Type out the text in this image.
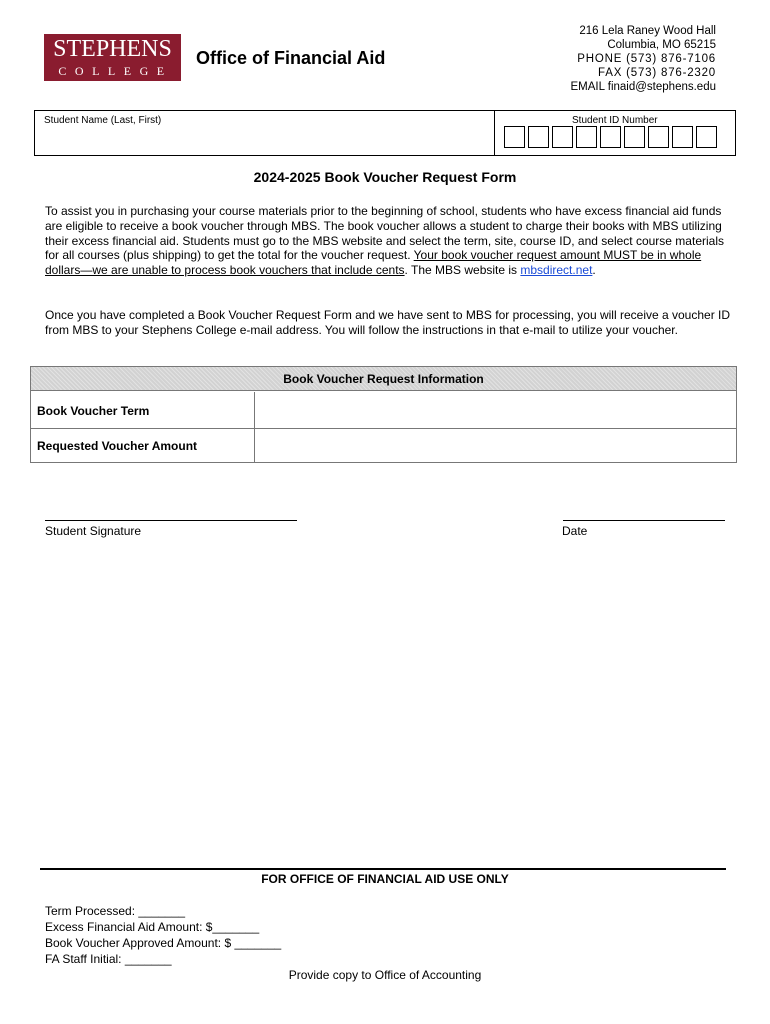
STEPHENS
COLLEGE
Office of Financial Aid
216 Lela Raney Wood Hall
Columbia, MO 65215
PHONE (573) 876-7106
FAX (573) 876-2320
EMAIL finaid@stephens.edu
Student Name (Last, First)	Student ID Number
2024-2025 Book Voucher Request Form
To assist you in purchasing your course materials prior to the beginning of school, students who have excess financial aid funds are eligible to receive a book voucher through MBS. The book voucher allows a student to charge their books with MBS utilizing their excess financial aid. Students must go to the MBS website and select the term, site, course ID, and select course materials for all courses (plus shipping) to get the total for the voucher request. Your book voucher request amount MUST be in whole dollars—we are unable to process book vouchers that include cents. The MBS website is mbsdirect.net.
Once you have completed a Book Voucher Request Form and we have sent to MBS for processing, you will receive a voucher ID from MBS to your Stephens College e-mail address. You will follow the instructions in that e-mail to utilize your voucher.
Book Voucher Request Information
Book Voucher Term
Requested Voucher Amount
Student Signature	Date
FOR OFFICE OF FINANCIAL AID USE ONLY
Term Processed: _______
Excess Financial Aid Amount: $_______
Book Voucher Approved Amount: $ _______
FA Staff Initial: _______
Provide copy to Office of Accounting
